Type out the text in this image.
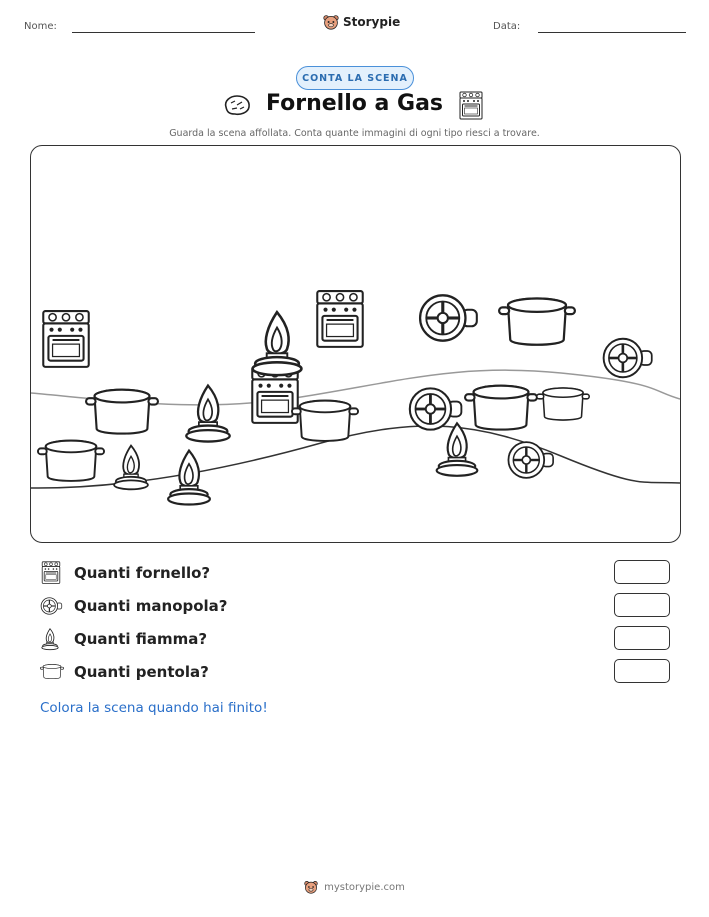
Nome:	Storypie	Data:
CONTA LA SCENA
Fornello a Gas
Guarda la scena affollata. Conta quante immagini di ogni tipo riesci a trovare.
Quanti fornello?
Quanti manopola?
Quanti fiamma?
Quanti pentola?
Colora la scena quando hai finito!
mystorypie.com
